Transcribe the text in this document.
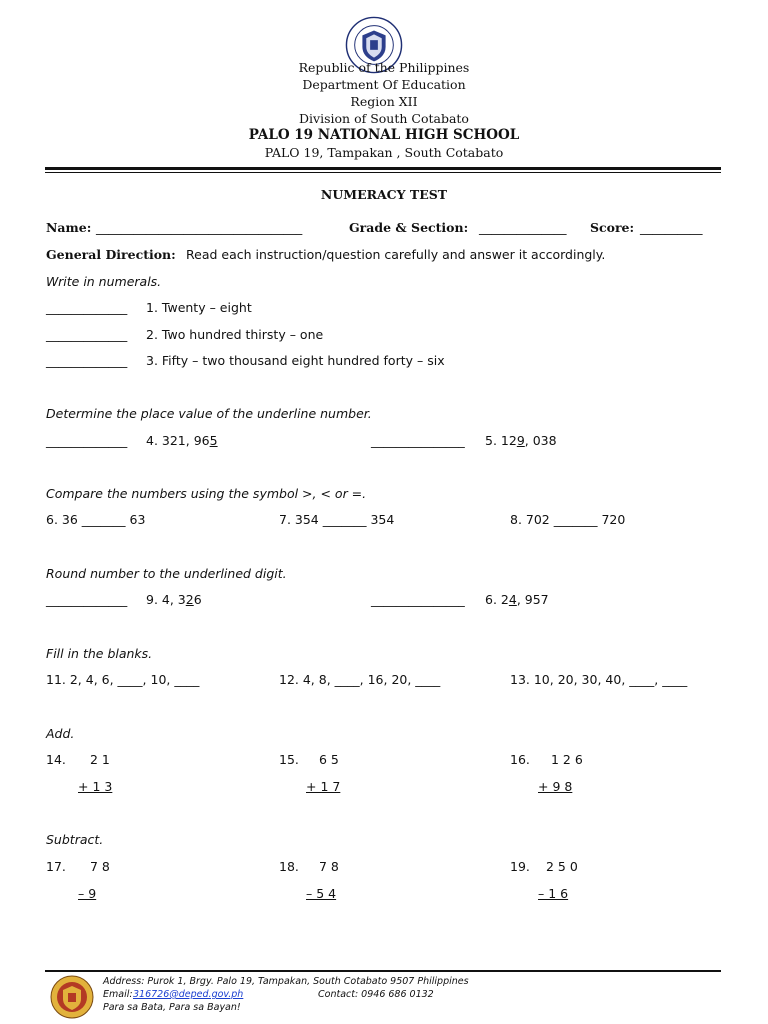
Republic of the Philippines
Department Of Education
Region XII
Division of South Cotabato
PALO 19 NATIONAL HIGH SCHOOL
PALO 19, Tampakan , South Cotabato
NUMERACY TEST
Name: _________________________________	Grade & Section: ______________ Score: __________
General Direction: Read each instruction/question carefully and answer it accordingly.
Write in numerals.
_____________ 1. Twenty – eight
_____________ 2. Two hundred thirsty – one
_____________ 3. Fifty – two thousand eight hundred forty – six
Determine the place value of the underline number.
_____________ 4. 321, 965	_______________ 5. 129, 038
Compare the numbers using the symbol >, < or =.
6. 36 _______ 63	7. 354 _______ 354	8. 702 _______ 720
Round number to the underlined digit.
_____________ 9. 4, 326	_______________ 6. 24, 957
Fill in the blanks.
11. 2, 4, 6, ____, 10, ____	12. 4, 8, ____, 16, 20, ____	13. 10, 20, 30, 40, ____, ____
Add.
14. 2 1
+ 1 3
15. 6 5
+ 1 7
16. 1 2 6
+ 9 8
Subtract.
17. 7 8
– 9
18. 7 8
– 5 4
19. 2 5 0
– 1 6
Address: Purok 1, Brgy. Palo 19, Tampakan, South Cotabato 9507 Philippines
Email: 316726@deped.gov.ph	Contact: 0946 686 0132
Para sa Bata, Para sa Bayan!
